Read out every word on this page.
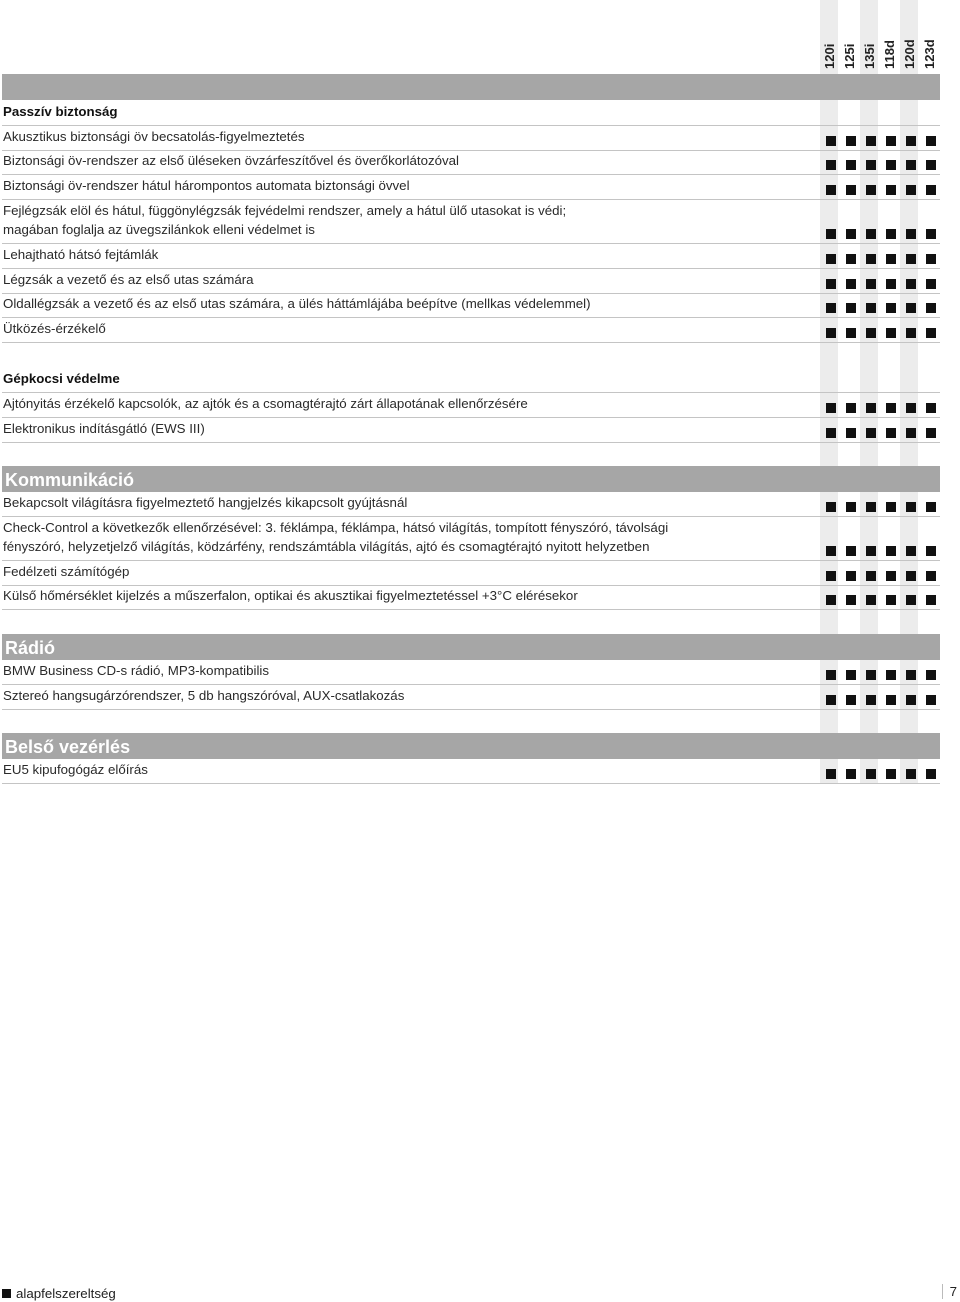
120i 125i 135i 118d 120d 123d
Passzív biztonság
Akusztikus biztonsági öv becsatolás-figyelmeztetés
Biztonsági öv-rendszer az első üléseken övzárfeszítővel és överőkorlátozóval
Biztonsági öv-rendszer hátul hárompontos automata biztonsági övvel
Fejlégzsák elöl és hátul, függönylégzsák fejvédelmi rendszer, amely a hátul ülő utasokat is védi;
magában foglalja az üvegszilánkok elleni védelmet is
Lehajtható hátsó fejtámlák
Légzsák a vezető és az első utas számára
Oldallégzsák a vezető és az első utas számára, a ülés háttámlájába beépítve (mellkas védelemmel)
Ütközés-érzékelő
Gépkocsi védelme
Ajtónyitás érzékelő kapcsolók, az ajtók és a csomagtérajtó zárt állapotának ellenőrzésére
Elektronikus indításgátló (EWS III)
Kommunikáció
Bekapcsolt világításra figyelmeztető hangjelzés kikapcsolt gyújtásnál
Check-Control a következők ellenőrzésével: 3. féklámpa, féklámpa, hátsó világítás, tompított fényszóró, távolsági
fényszóró, helyzetjelző világítás, ködzárfény, rendszámtábla világítás, ajtó és csomagtérajtó nyitott helyzetben
Fedélzeti számítógép
Külső hőmérséklet kijelzés a műszerfalon, optikai és akusztikai figyelmeztetéssel +3°C elérésekor
Rádió
BMW Business CD-s rádió, MP3-kompatibilis
Sztereó hangsugárzórendszer, 5 db hangszóróval, AUX-csatlakozás
Belső vezérlés
EU5 kipufogógáz előírás
alapfelszereltség	7
